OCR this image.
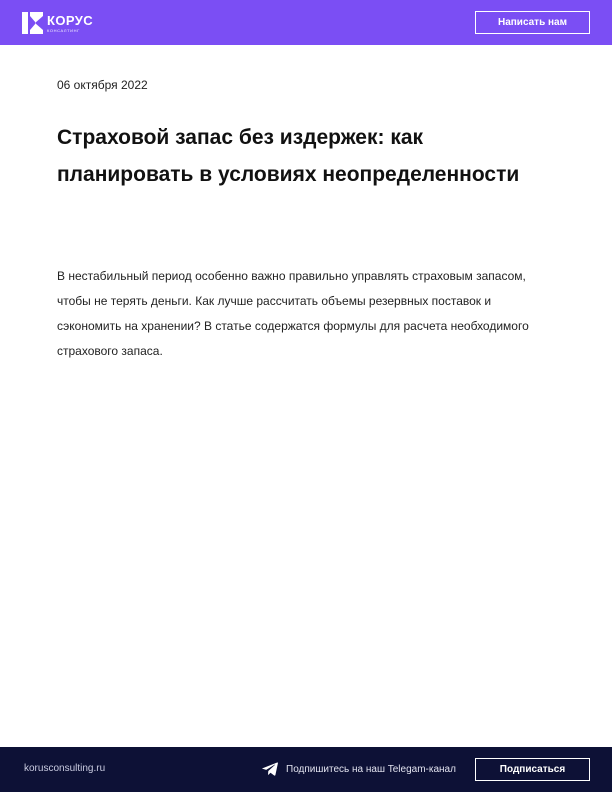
КОРУС
КОНСАЛТИНГ
Написать нам
06 октября 2022
Страховой запас без издержек: как планировать в условиях неопределенности

В нестабильный период особенно важно правильно управлять страховым запасом, чтобы не терять деньги. Как лучше рассчитать объемы резервных поставок и сэкономить на хранении? В статье содержатся формулы для расчета необходимого страхового запаса.

korusconsulting.ru	Подпишитесь на наш Telegam-канал	Подписаться
